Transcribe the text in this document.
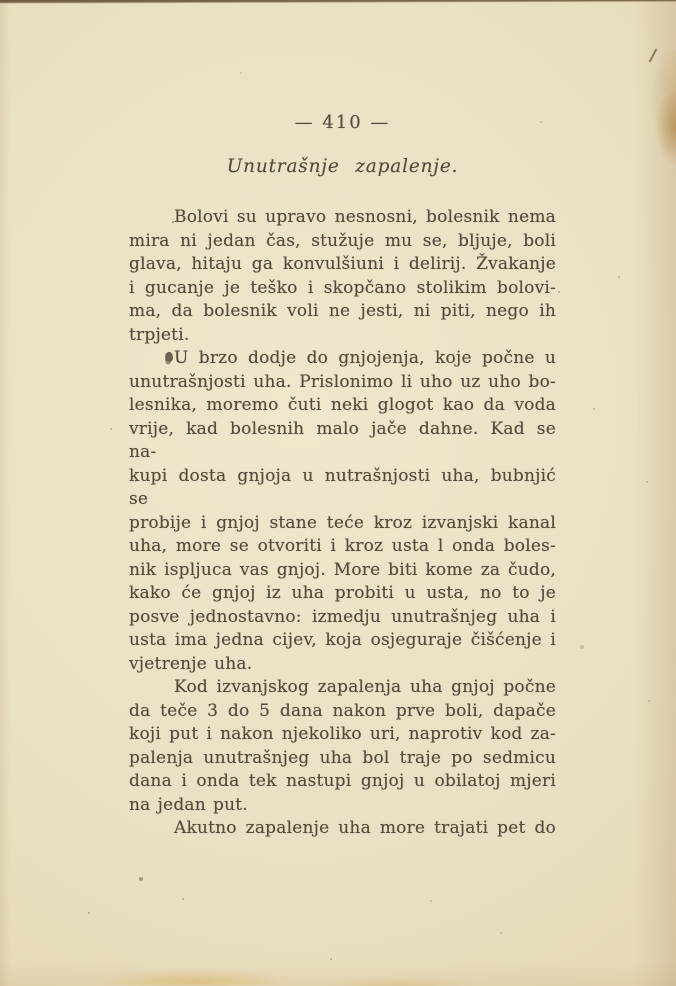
— 410 —
Unutrašnje zapalenje.
Bolovi su upravo nesnosni, bolesnik nema
mira ni jedan čas, stužuje mu se, bljuje, boli
glava, hitaju ga konvulšiuni i delirij. Žvakanje
i gucanje je teško i skopčano stolikim bolovi-
ma, da bolesnik voli ne jesti, ni piti, nego ih
trpjeti.
U brzo dodje do gnjojenja, koje počne u
unutrašnjosti uha. Prislonimo li uho uz uho bo-
lesnika, moremo čuti neki glogot kao da voda
vrije, kad bolesnih malo jače dahne. Kad se na-
kupi dosta gnjoja u nutrašnjosti uha, bubnjić se
probije i gnjoj stane teće kroz izvanjski kanal
uha, more se otvoriti i kroz usta l onda boles-
nik ispljuca vas gnjoj. More biti kome za čudo,
kako će gnjoj iz uha probiti u usta, no to je
posve jednostavno: izmedju unutrašnjeg uha i
usta ima jedna cijev, koja osjeguraje čišćenje i
vjetrenje uha.
Kod izvanjskog zapalenja uha gnjoj počne
da teče 3 do 5 dana nakon prve boli, dapače
koji put i nakon njekoliko uri, naprotiv kod za-
palenja unutrašnjeg uha bol traje po sedmicu
dana i onda tek nastupi gnjoj u obilatoj mjeri
na jedan put.
Akutno zapalenje uha more trajati pet do
